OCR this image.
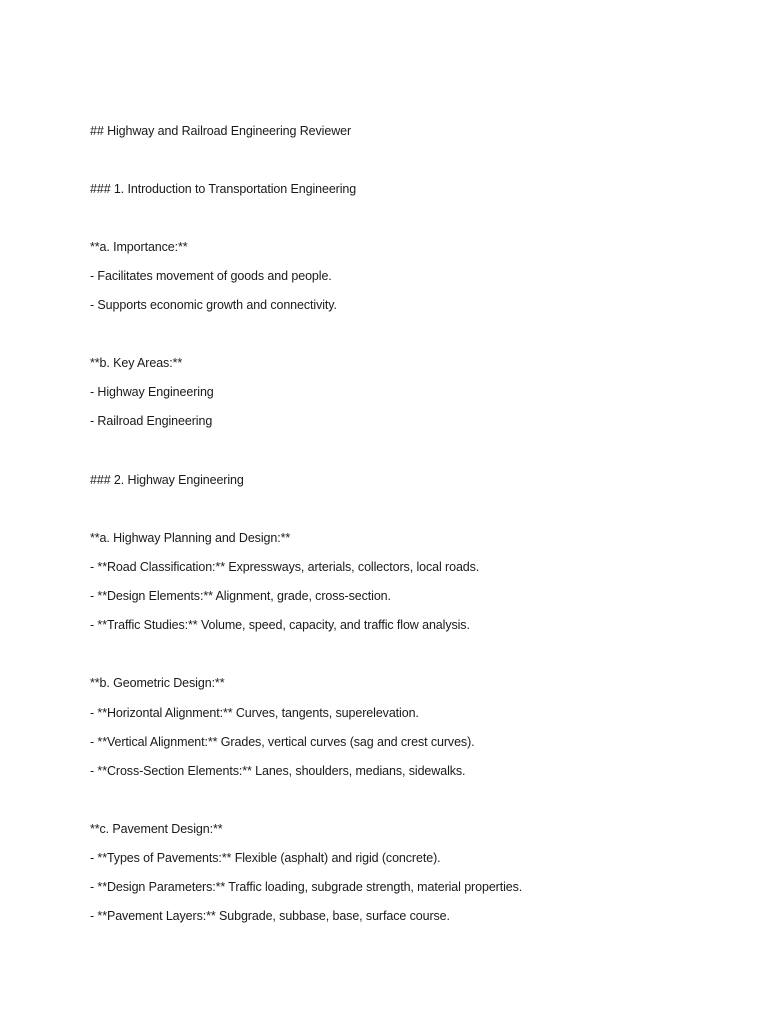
## Highway and Railroad Engineering Reviewer
### 1. Introduction to Transportation Engineering
**a. Importance:**
- Facilitates movement of goods and people.
- Supports economic growth and connectivity.
**b. Key Areas:**
- Highway Engineering
- Railroad Engineering
### 2. Highway Engineering
**a. Highway Planning and Design:**
- **Road Classification:** Expressways, arterials, collectors, local roads.
- **Design Elements:** Alignment, grade, cross-section.
- **Traffic Studies:** Volume, speed, capacity, and traffic flow analysis.
**b. Geometric Design:**
- **Horizontal Alignment:** Curves, tangents, superelevation.
- **Vertical Alignment:** Grades, vertical curves (sag and crest curves).
- **Cross-Section Elements:** Lanes, shoulders, medians, sidewalks.
**c. Pavement Design:**
- **Types of Pavements:** Flexible (asphalt) and rigid (concrete).
- **Design Parameters:** Traffic loading, subgrade strength, material properties.
- **Pavement Layers:** Subgrade, subbase, base, surface course.
